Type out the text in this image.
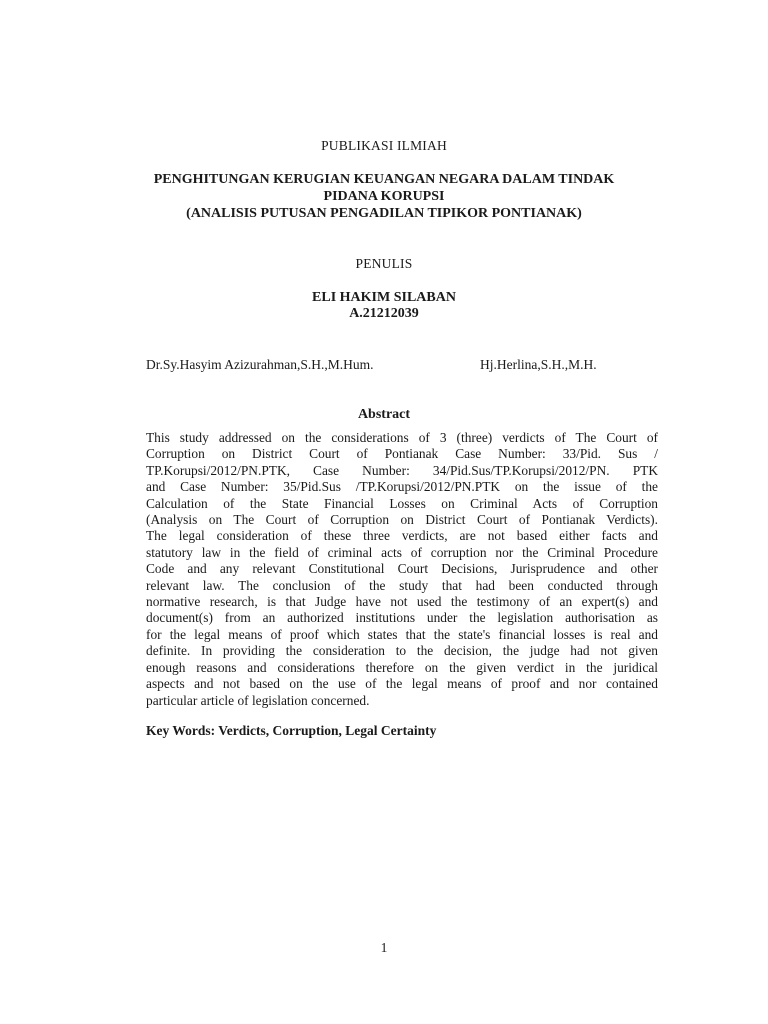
PUBLIKASI ILMIAH
PENGHITUNGAN KERUGIAN KEUANGAN NEGARA DALAM TINDAK
PIDANA KORUPSI
(ANALISIS PUTUSAN PENGADILAN TIPIKOR PONTIANAK)
PENULIS
ELI HAKIM SILABAN
A.21212039
Dr.Sy.Hasyim Azizurahman,S.H.,M.Hum.	Hj.Herlina,S.H.,M.H.
Abstract
This study addressed on the considerations of 3 (three) verdicts of The Court of
Corruption on District Court of Pontianak Case Number: 33/Pid. Sus /
TP.Korupsi/2012/PN.PTK, Case Number: 34/Pid.Sus/TP.Korupsi/2012/PN. PTK
and Case Number: 35/Pid.Sus /TP.Korupsi/2012/PN.PTK on the issue of the
Calculation of the State Financial Losses on Criminal Acts of Corruption
(Analysis on The Court of Corruption on District Court of Pontianak Verdicts).
The legal consideration of these three verdicts, are not based either facts and
statutory law in the field of criminal acts of corruption nor the Criminal Procedure
Code and any relevant Constitutional Court Decisions, Jurisprudence and other
relevant law. The conclusion of the study that had been conducted through
normative research, is that Judge have not used the testimony of an expert(s) and
document(s) from an authorized institutions under the legislation authorisation as
for the legal means of proof which states that the state's financial losses is real and
definite. In providing the consideration to the decision, the judge had not given
enough reasons and considerations therefore on the given verdict in the juridical
aspects and not based on the use of the legal means of proof and nor contained
particular article of legislation concerned.
Key Words: Verdicts, Corruption, Legal Certainty
1
